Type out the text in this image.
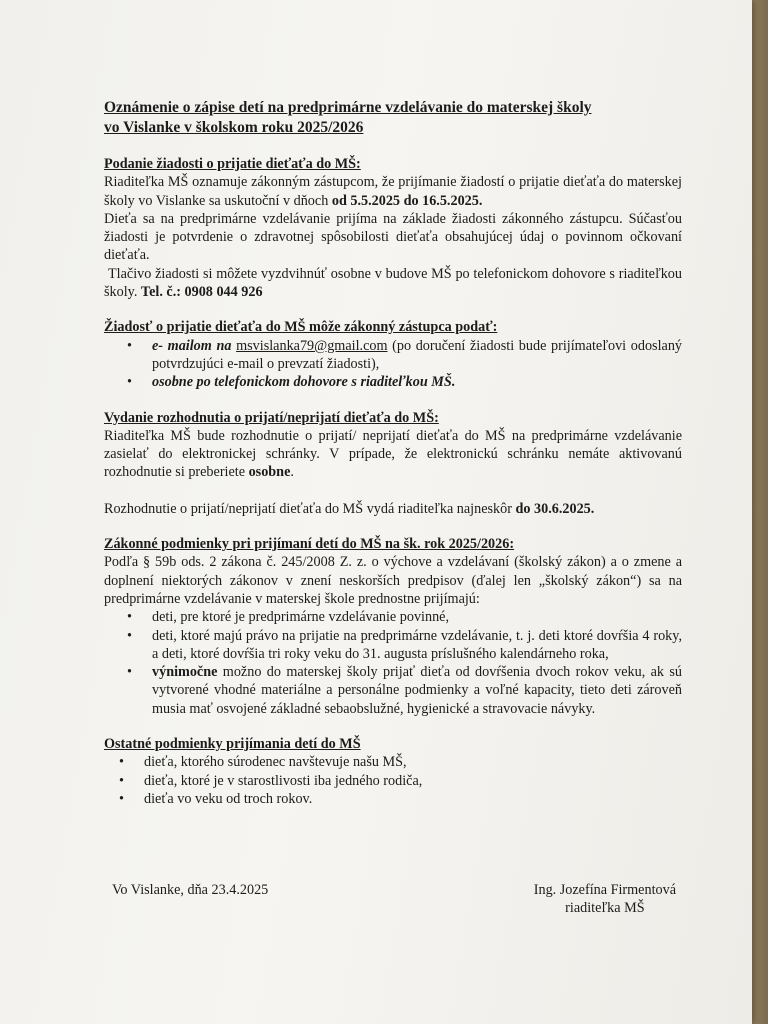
Oznámenie o zápise detí na predprimárne vzdelávanie do materskej školy
vo Vislanke v školskom roku 2025/2026

Podanie žiadosti o prijatie dieťaťa do MŠ:

Riaditeľka MŠ oznamuje zákonným zástupcom, že prijímanie žiadostí o prijatie dieťaťa do materskej školy vo Vislanke sa uskutoční v dňoch od 5.5.2025 do 16.5.2025.

Dieťa sa na predprimárne vzdelávanie prijíma na základe žiadosti zákonného zástupcu. Súčasťou žiadosti je potvrdenie o zdravotnej spôsobilosti dieťaťa obsahujúcej údaj o povinnom očkovaní dieťaťa.

Tlačivo žiadosti si môžete vyzdvihnúť osobne v budove MŠ po telefonickom dohovore s riaditeľkou školy. Tel. č.: 0908 044 926

Žiadosť o prijatie dieťaťa do MŠ môže zákonný zástupca podať:

• e- mailom na msvislanka79@gmail.com (po doručení žiadosti bude prijímateľovi odoslaný potvrdzujúci e-mail o prevzatí žiadosti),
• osobne po telefonickom dohovore s riaditeľkou MŠ.

Vydanie rozhodnutia o prijatí/neprijatí dieťaťa do MŠ:

Riaditeľka MŠ bude rozhodnutie o prijatí/ neprijatí dieťaťa do MŠ na predprimárne vzdelávanie zasielať do elektronickej schránky. V prípade, že elektronickú schránku nemáte aktivovanú rozhodnutie si preberiete osobne.

Rozhodnutie o prijatí/neprijatí dieťaťa do MŠ vydá riaditeľka najneskôr do 30.6.2025.

Zákonné podmienky pri prijímaní detí do MŠ na šk. rok 2025/2026:

Podľa § 59b ods. 2 zákona č. 245/2008 Z. z. o výchove a vzdelávaní (školský zákon) a o zmene a doplnení niektorých zákonov v znení neskorších predpisov (ďalej len „školský zákon“) sa na predprimárne vzdelávanie v materskej škole prednostne prijímajú:

• deti, pre ktoré je predprimárne vzdelávanie povinné,
• deti, ktoré majú právo na prijatie na predprimárne vzdelávanie, t. j. deti ktoré dovŕšia 4 roky, a deti, ktoré dovŕšia tri roky veku do 31. augusta príslušného kalendárneho roka,
• výnimočne možno do materskej školy prijať dieťa od dovŕšenia dvoch rokov veku, ak sú vytvorené vhodné materiálne a personálne podmienky a voľné kapacity, tieto deti zároveň musia mať osvojené základné sebaobslužné, hygienické a stravovacie návyky.

Ostatné podmienky prijímania detí do MŠ

• dieťa, ktorého súrodenec navštevuje našu MŠ,
• dieťa, ktoré je v starostlivosti iba jedného rodiča,
• dieťa vo veku od troch rokov.
Vo Vislanke, dňa 23.4.2025	Ing. Jozefína Firmentová
riaditeľka MŠ
